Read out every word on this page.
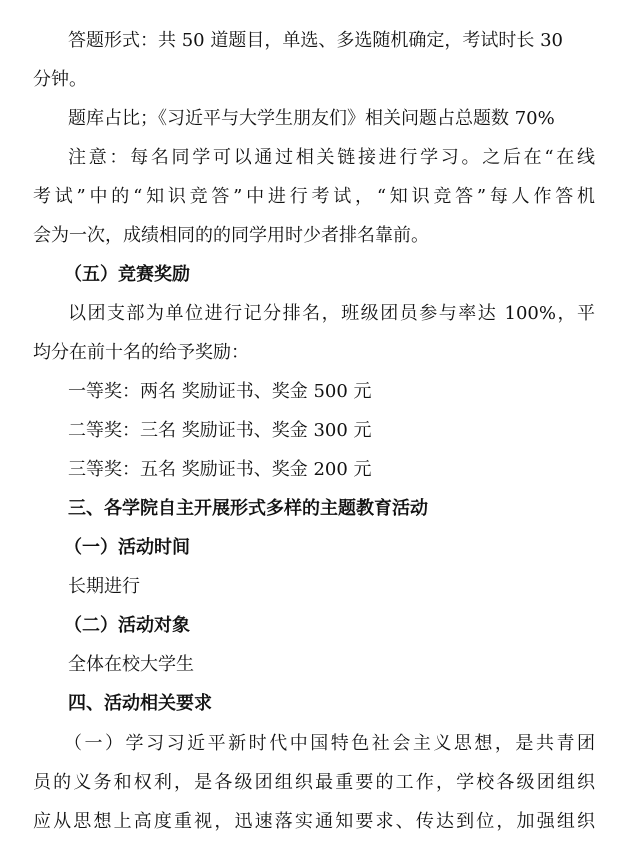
答题形式：共 50 道题目，单选、多选随机确定，考试时长 30
分钟。
题库占比；《习近平与大学生朋友们》相关问题占总题数 70%
注意：每名同学可以通过相关链接进行学习。之后在“在线
考试”中的“知识竞答”中进行考试，“知识竞答”每人作答机
会为一次，成绩相同的的同学用时少者排名靠前。
（五）竞赛奖励
以团支部为单位进行记分排名，班级团员参与率达 100%，平
均分在前十名的给予奖励：
一等奖：两名 奖励证书、奖金 500 元
二等奖：三名 奖励证书、奖金 300 元
三等奖：五名 奖励证书、奖金 200 元
三、各学院自主开展形式多样的主题教育活动
（一）活动时间
长期进行
（二）活动对象
全体在校大学生
四、活动相关要求
（一）学习习近平新时代中国特色社会主义思想，是共青团
员的义务和权利，是各级团组织最重要的工作，学校各级团组织
应从思想上高度重视，迅速落实通知要求、传达到位，加强组织
